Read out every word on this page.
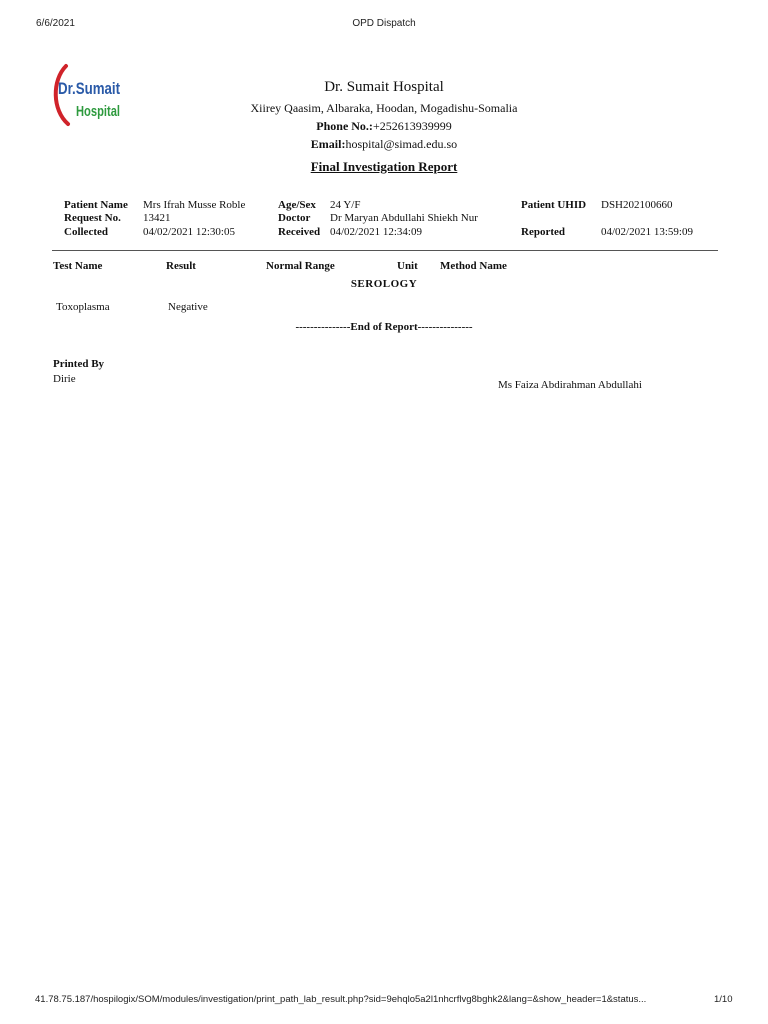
6/6/2021	OPD Dispatch
Dr.Sumait
Hospital
Dr. Sumait Hospital
Xiirey Qaasim, Albaraka, Hoodan, Mogadishu-Somalia
Phone No.:+252613939999
Email:hospital@simad.edu.so
Final Investigation Report
Patient Name Mrs Ifrah Musse Roble	Age/Sex 24 Y/F	Patient UHID DSH202100660
Request No. 13421	Doctor Dr Maryan Abdullahi Shiekh Nur
Collected	04/02/2021 12:30:05	Received 04/02/2021 12:34:09	Reported	04/02/2021 13:59:09
Test Name	Result	Normal Range	Unit Method Name
SEROLOGY
Toxoplasma	Negative
---------------End of Report---------------
Printed By
Dirie	Ms Faiza Abdirahman Abdullahi
41.78.75.187/hospilogix/SOM/modules/investigation/print_path_lab_result.php?sid=9ehqlo5a2l1nhcrflvg8bghk2&lang=&show_header=1&status...	1/10
